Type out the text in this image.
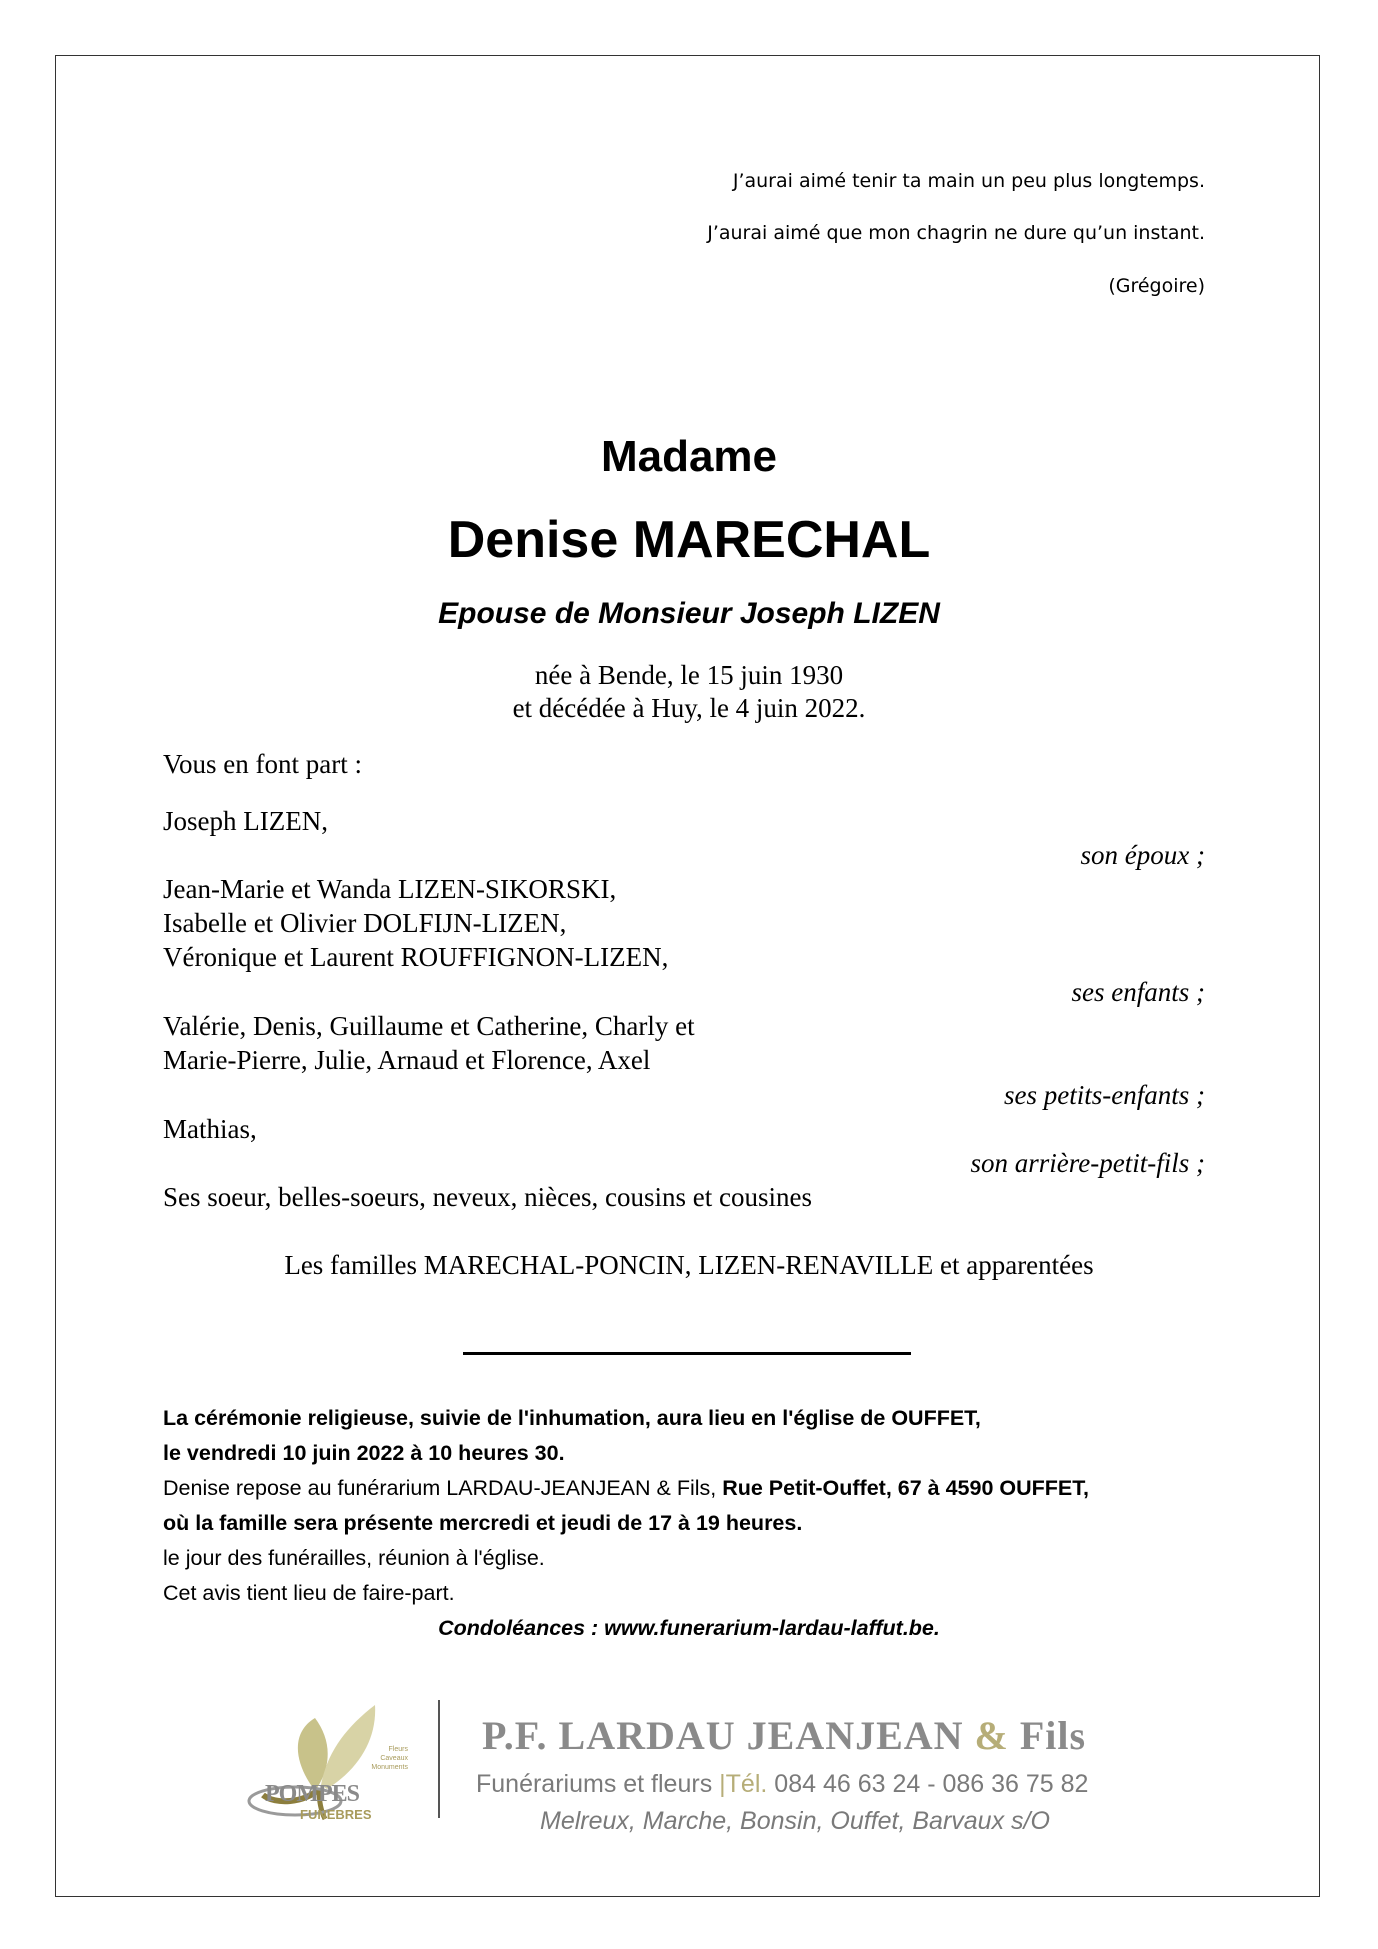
J’aurai aimé tenir ta main un peu plus longtemps.
J’aurai aimé que mon chagrin ne dure qu’un instant.
(Grégoire)
Madame
Denise MARECHAL
Epouse de Monsieur Joseph LIZEN
née à Bende, le 15 juin 1930
et décédée à Huy, le 4 juin 2022.
Vous en font part :
Joseph LIZEN,
son époux ;
Jean-Marie et Wanda LIZEN-SIKORSKI,
Isabelle et Olivier DOLFIJN-LIZEN,
Véronique et Laurent ROUFFIGNON-LIZEN,
ses enfants ;
Valérie, Denis, Guillaume et Catherine, Charly et
Marie-Pierre, Julie, Arnaud et Florence, Axel
ses petits-enfants ;
Mathias,
son arrière-petit-fils ;
Ses soeur, belles-soeurs, neveux, nièces, cousins et cousines
Les familles MARECHAL-PONCIN, LIZEN-RENAVILLE et apparentées
La cérémonie religieuse, suivie de l'inhumation, aura lieu en l'église de OUFFET,
le vendredi 10 juin 2022 à 10 heures 30.
Denise repose au funérarium LARDAU-JEANJEAN & Fils, Rue Petit-Ouffet, 67 à 4590 OUFFET,
où la famille sera présente mercredi et jeudi de 17 à 19 heures.
le jour des funérailles, réunion à l'église.
Cet avis tient lieu de faire-part.
Condoléances : www.funerarium-lardau-laffut.be.
Fleurs
Caveaux
Monuments
POMPES
FUNEBRES
P.F. LARDAU JEANJEAN & Fils
Funérariums et fleurs |Tél. 084 46 63 24 - 086 36 75 82
Melreux, Marche, Bonsin, Ouffet, Barvaux s/O
